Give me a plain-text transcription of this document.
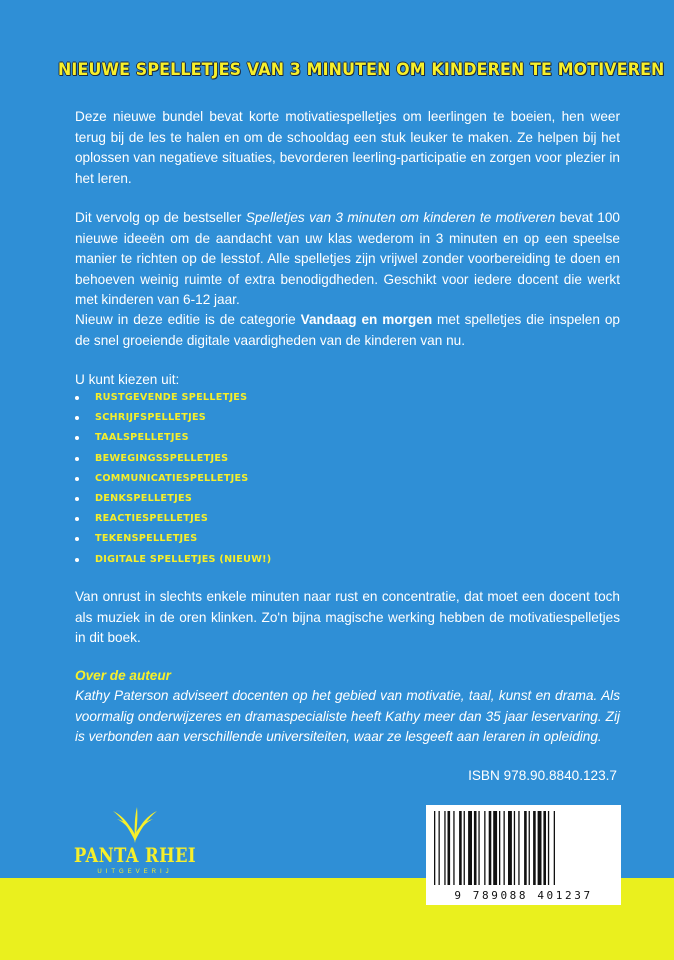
NIEUWE SPELLETJES VAN 3 MINUTEN OM KINDEREN TE MOTIVEREN
Deze nieuwe bundel bevat korte motivatiespelletjes om leerlingen te boeien, hen weer terug bij de les te halen en om de schooldag een stuk leuker te maken. Ze helpen bij het oplossen van negatieve situaties, bevorderen leerling-participatie en zorgen voor plezier in het leren.
Dit vervolg op de bestseller Spelletjes van 3 minuten om kinderen te motiveren bevat 100 nieuwe ideeën om de aandacht van uw klas wederom in 3 minuten en op een speelse manier te richten op de lesstof. Alle spelletjes zijn vrijwel zonder voorbereiding te doen en behoeven weinig ruimte of extra benodigdheden. Geschikt voor iedere docent die werkt met kinderen van 6-12 jaar.
Nieuw in deze editie is de categorie Vandaag en morgen met spelletjes die inspelen op de snel groeiende digitale vaardigheden van de kinderen van nu.
U kunt kiezen uit:
RUSTGEVENDE SPELLETJES
SCHRIJFSPELLETJES
TAALSPELLETJES
BEWEGINGSSPELLETJES
COMMUNICATIESPELLETJES
DENKSPELLETJES
REACTIESPELLETJES
TEKENSPELLETJES
DIGITALE SPELLETJES (NIEUW!)
Van onrust in slechts enkele minuten naar rust en concentratie, dat moet een docent toch als muziek in de oren klinken. Zo'n bijna magische werking hebben de motivatiespelletjes in dit boek.
Over de auteur
Kathy Paterson adviseert docenten op het gebied van motivatie, taal, kunst en drama. Als voormalig onderwijzeres en dramaspecialiste heeft Kathy meer dan 35 jaar leservaring. Zij is verbonden aan verschillende universiteiten, waar ze lesgeeft aan leraren in opleiding.
ISBN 978.90.8840.123.7
PANTA RHEI
UITGEVERIJ
9 789088 401237
